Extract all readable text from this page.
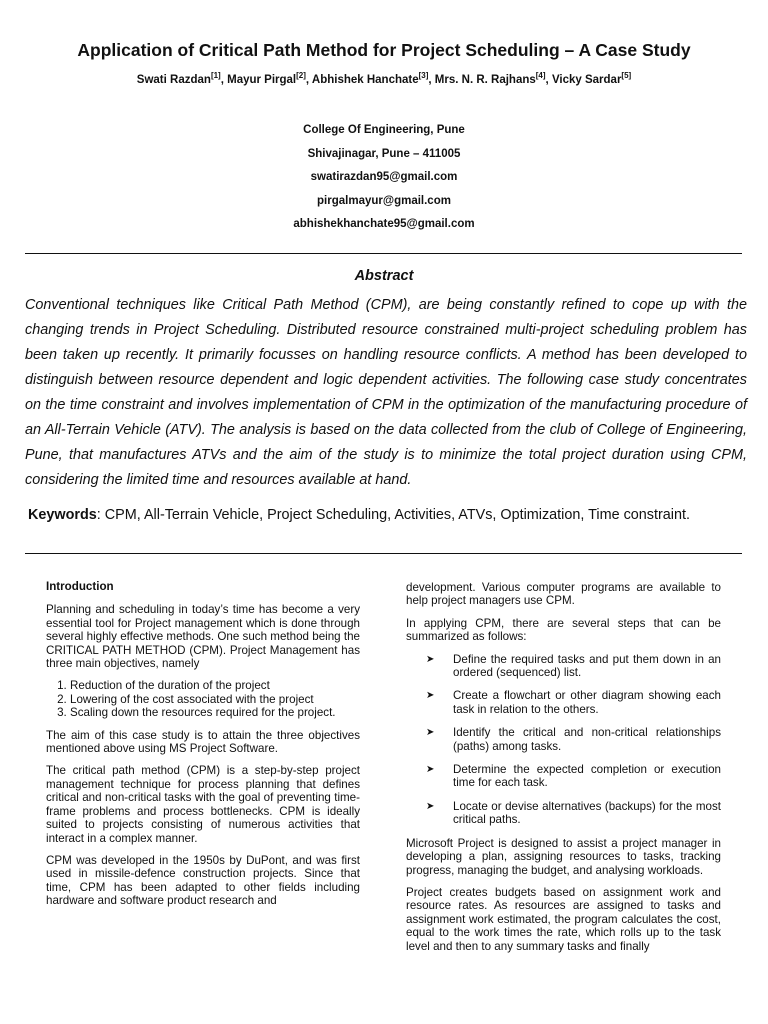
Application of Critical Path Method for Project Scheduling – A Case Study
Swati Razdan[1], Mayur Pirgal[2], Abhishek Hanchate[3], Mrs. N. R. Rajhans[4], Vicky Sardar[5]
College Of Engineering, Pune
Shivajinagar, Pune – 411005
swatirazdan95@gmail.com
pirgalmayur@gmail.com
abhishekhanchate95@gmail.com
Abstract

Conventional techniques like Critical Path Method (CPM), are being constantly refined to cope up with the changing trends in Project Scheduling. Distributed resource constrained multi-project scheduling problem has been taken up recently. It primarily focusses on handling resource conflicts. A method has been developed to distinguish between resource dependent and logic dependent activities. The following case study concentrates on the time constraint and involves implementation of CPM in the optimization of the manufacturing procedure of an All-Terrain Vehicle (ATV). The analysis is based on the data collected from the club of College of Engineering, Pune, that manufactures ATVs and the aim of the study is to minimize the total project duration using CPM, considering the limited time and resources available at hand.

Keywords: CPM, All-Terrain Vehicle, Project Scheduling, Activities, ATVs, Optimization, Time constraint.

Introduction

Planning and scheduling in today’s time has become a very essential tool for Project management which is done through several highly effective methods. One such method being the CRITICAL PATH METHOD (CPM). Project Management has three main objectives, namely

1. Reduction of the duration of the project
2. Lowering of the cost associated with the project
3. Scaling down the resources required for the project.

The aim of this case study is to attain the three objectives mentioned above using MS Project Software.

The critical path method (CPM) is a step-by-step project management technique for process planning that defines critical and non-critical tasks with the goal of preventing time-frame problems and process bottlenecks. CPM is ideally suited to projects consisting of numerous activities that interact in a complex manner.

CPM was developed in the 1950s by DuPont, and was first used in missile-defence construction projects. Since that time, CPM has been adapted to other fields including hardware and software product research and

development. Various computer programs are available to help project managers use CPM.

In applying CPM, there are several steps that can be summarized as follows:

➤ Define the required tasks and put them down in an ordered (sequenced) list.
➤ Create a flowchart or other diagram showing each task in relation to the others.
➤ Identify the critical and non-critical relationships (paths) among tasks.
➤ Determine the expected completion or execution time for each task.
➤ Locate or devise alternatives (backups) for the most critical paths.

Microsoft Project is designed to assist a project manager in developing a plan, assigning resources to tasks, tracking progress, managing the budget, and analysing workloads.

Project creates budgets based on assignment work and resource rates. As resources are assigned to tasks and assignment work estimated, the program calculates the cost, equal to the work times the rate, which rolls up to the task level and then to any summary tasks and finally
